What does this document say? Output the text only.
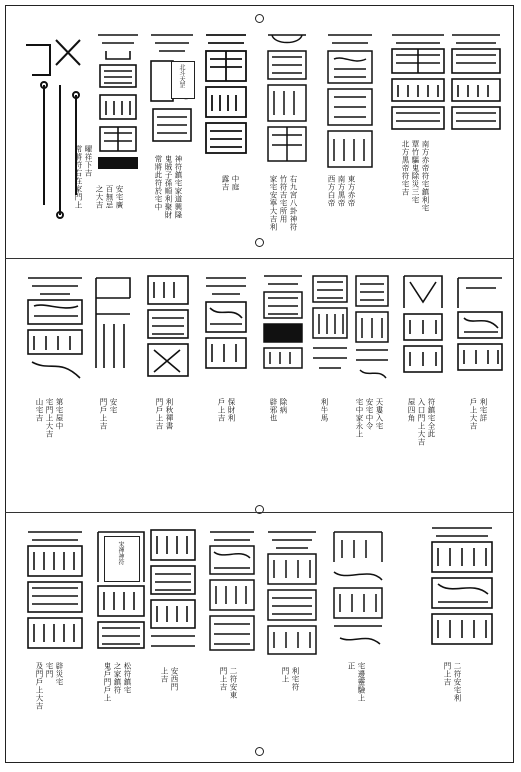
曜祥下吉
常將符右在家門上	安宅廣
百無忌
之大吉
北斗天罡
神符鎮宅家道興隆
鬼賊子孫順利聚財
常將此符於宅中	中庭
露吉	右九宮八卦神符
竹符吉宅所用
家宅安寧大吉利	東方赤帝
南方黑帝
西方白帝	南方赤帝符宅鎮利宅
覃竹驅鬼除災三宅
北方黑帝符宅吉
第宅屋中
宅門上大吉
山宅吉	安宅
門戶上吉	利秋禪書
門戶上吉	保財利
戶上吉	除病
辟邪也	利牛馬	天婁入宅
安宅中令
宅中家永上	符鎮宅全此
入口門上大吉
屋四角	利宅詳
戶上大吉
辟災宅
宅門
及門戶上大吉
宋禪神符
松符鎮宅
之家鎮符
鬼戶門戶上	安西門
上吉	二符安東
門上吉	利宅符
門上	宅邊靈驗上
正	二符安宅利
門上吉
